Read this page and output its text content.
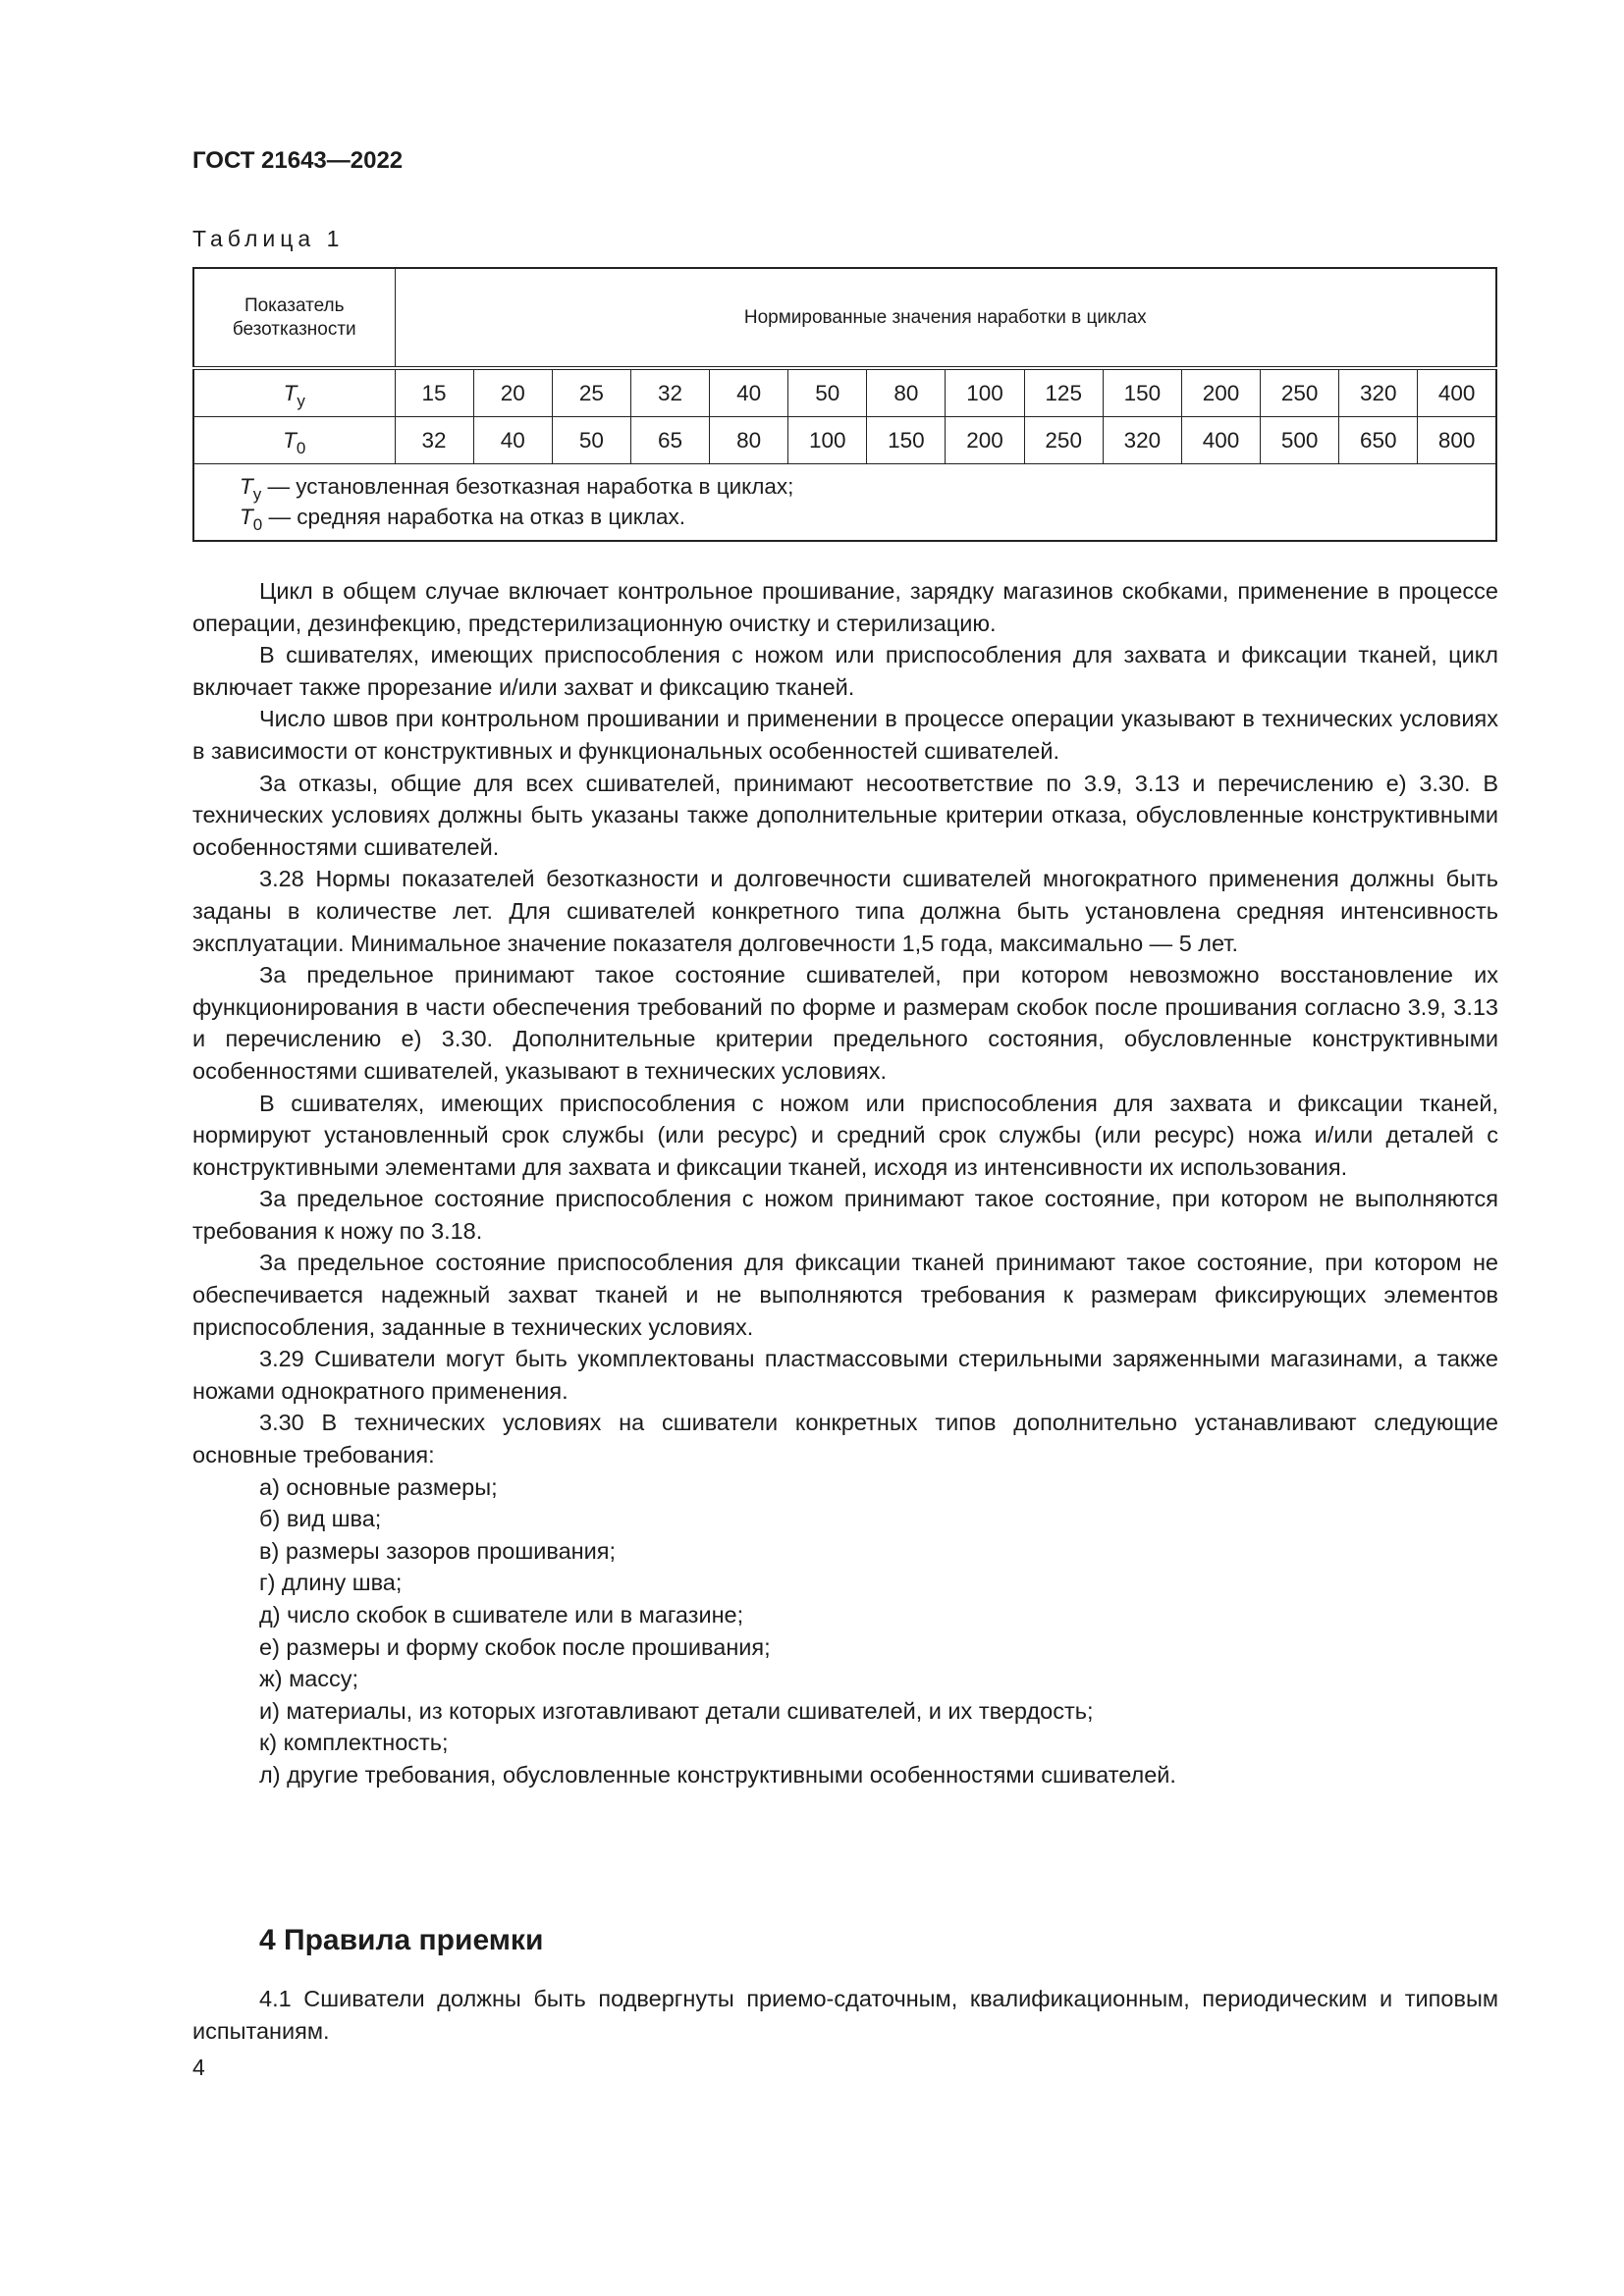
ГОСТ 21643—2022
Таблица 1
Показатель
безотказности	Нормированные значения наработки в циклах													
$T_у$	15	20	25	32	40	50	80	100	125	150	200	250	320	400
$T_0$	32	40	50	65	80	100	150	200	250	320	400	500	650	800

$T_у$ — установленная безотказная наработка в циклах;
$T_0$ — средняя наработка на отказ в циклах.														

Цикл в общем случае включает контрольное прошивание, зарядку магазинов скобками, применение в процессе операции, дезинфекцию, предстерилизационную очистку и стерилизацию.

В сшивателях, имеющих приспособления с ножом или приспособления для захвата и фиксации тканей, цикл включает также прорезание и/или захват и фиксацию тканей.

Число швов при контрольном прошивании и применении в процессе операции указывают в технических условиях в зависимости от конструктивных и функциональных особенностей сшивателей.

За отказы, общие для всех сшивателей, принимают несоответствие по 3.9, 3.13 и перечислению е) 3.30. В технических условиях должны быть указаны также дополнительные критерии отказа, обусловленные конструктивными особенностями сшивателей.

3.28 Нормы показателей безотказности и долговечности сшивателей многократного применения должны быть заданы в количестве лет. Для сшивателей конкретного типа должна быть установлена средняя интенсивность эксплуатации. Минимальное значение показателя долговечности 1,5 года, максимально — 5 лет.

За предельное принимают такое состояние сшивателей, при котором невозможно восстановление их функционирования в части обеспечения требований по форме и размерам скобок после прошивания согласно 3.9, 3.13 и перечислению е) 3.30. Дополнительные критерии предельного состояния, обусловленные конструктивными особенностями сшивателей, указывают в технических условиях.

В сшивателях, имеющих приспособления с ножом или приспособления для захвата и фиксации тканей, нормируют установленный срок службы (или ресурс) и средний срок службы (или ресурс) ножа и/или деталей с конструктивными элементами для захвата и фиксации тканей, исходя из интенсивности их использования.

За предельное состояние приспособления с ножом принимают такое состояние, при котором не выполняются требования к ножу по 3.18.

За предельное состояние приспособления для фиксации тканей принимают такое состояние, при котором не обеспечивается надежный захват тканей и не выполняются требования к размерам фиксирующих элементов приспособления, заданные в технических условиях.

3.29 Сшиватели могут быть укомплектованы пластмассовыми стерильными заряженными магазинами, а также ножами однократного применения.

3.30 В технических условиях на сшиватели конкретных типов дополнительно устанавливают следующие основные требования:

а) основные размеры;
б) вид шва;
в) размеры зазоров прошивания;
г) длину шва;
д) число скобок в сшивателе или в магазине;
е) размеры и форму скобок после прошивания;
ж) массу;
и) материалы, из которых изготавливают детали сшивателей, и их твердость;
к) комплектность;
л) другие требования, обусловленные конструктивными особенностями сшивателей.
4 Правила приемки

4.1 Сшиватели должны быть подвергнуты приемо-сдаточным, квалификационным, периодическим и типовым испытаниям.

4
